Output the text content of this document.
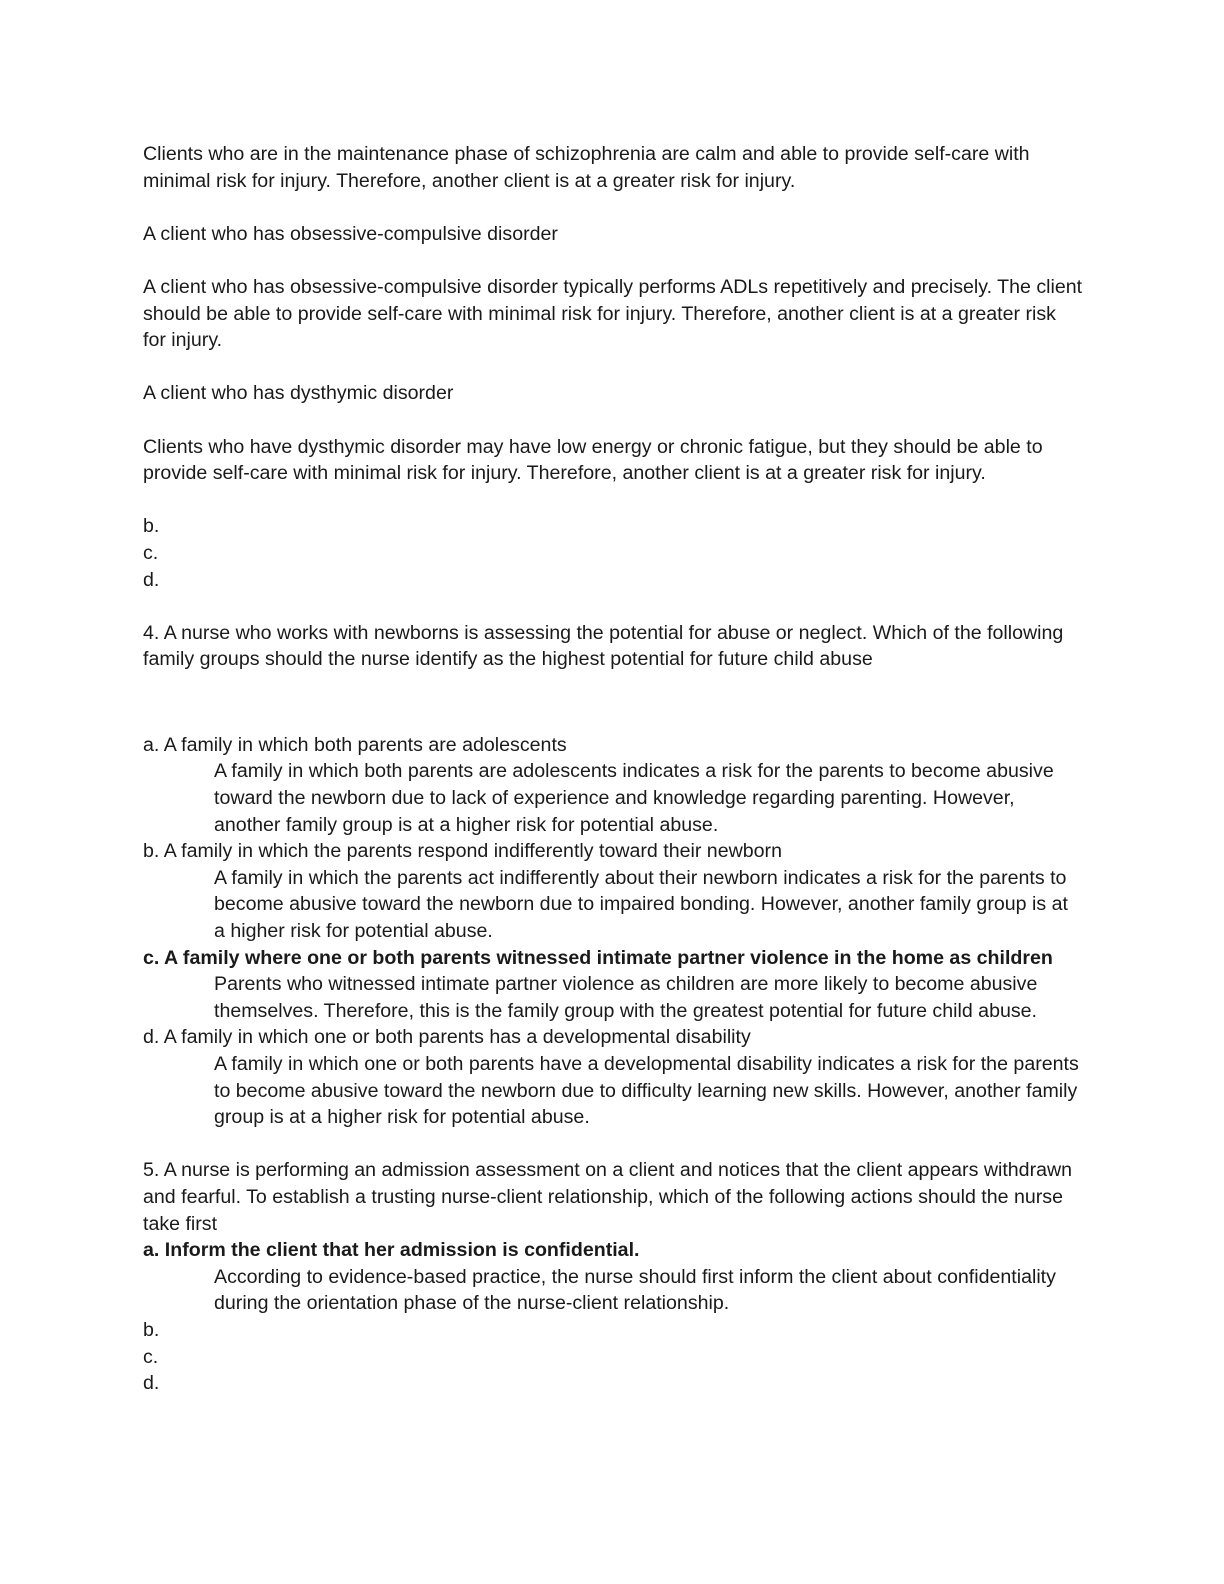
Clients who are in the maintenance phase of schizophrenia are calm and able to provide self-care with minimal risk for injury. Therefore, another client is at a greater risk for injury.

A client who has obsessive-compulsive disorder

A client who has obsessive-compulsive disorder typically performs ADLs repetitively and precisely. The client should be able to provide self-care with minimal risk for injury. Therefore, another client is at a greater risk for injury.

A client who has dysthymic disorder

Clients who have dysthymic disorder may have low energy or chronic fatigue, but they should be able to provide self-care with minimal risk for injury. Therefore, another client is at a greater risk for injury.

b.

c.

d.

4. A nurse who works with newborns is assessing the potential for abuse or neglect. Which of the following family groups should the nurse identify as the highest potential for future child abuse

a. A family in which both parents are adolescents

A family in which both parents are adolescents indicates a risk for the parents to become abusive toward the newborn due to lack of experience and knowledge regarding parenting. However, another family group is at a higher risk for potential abuse.

b. A family in which the parents respond indifferently toward their newborn

A family in which the parents act indifferently about their newborn indicates a risk for the parents to become abusive toward the newborn due to impaired bonding. However, another family group is at a higher risk for potential abuse.

c. A family where one or both parents witnessed intimate partner violence in the home as children

Parents who witnessed intimate partner violence as children are more likely to become abusive themselves. Therefore, this is the family group with the greatest potential for future child abuse.

d. A family in which one or both parents has a developmental disability

A family in which one or both parents have a developmental disability indicates a risk for the parents to become abusive toward the newborn due to difficulty learning new skills. However, another family group is at a higher risk for potential abuse.

5. A nurse is performing an admission assessment on a client and notices that the client appears withdrawn and fearful. To establish a trusting nurse-client relationship, which of the following actions should the nurse take first

a. Inform the client that her admission is confidential.

According to evidence-based practice, the nurse should first inform the client about confidentiality during the orientation phase of the nurse-client relationship.

b.

c.

d.
